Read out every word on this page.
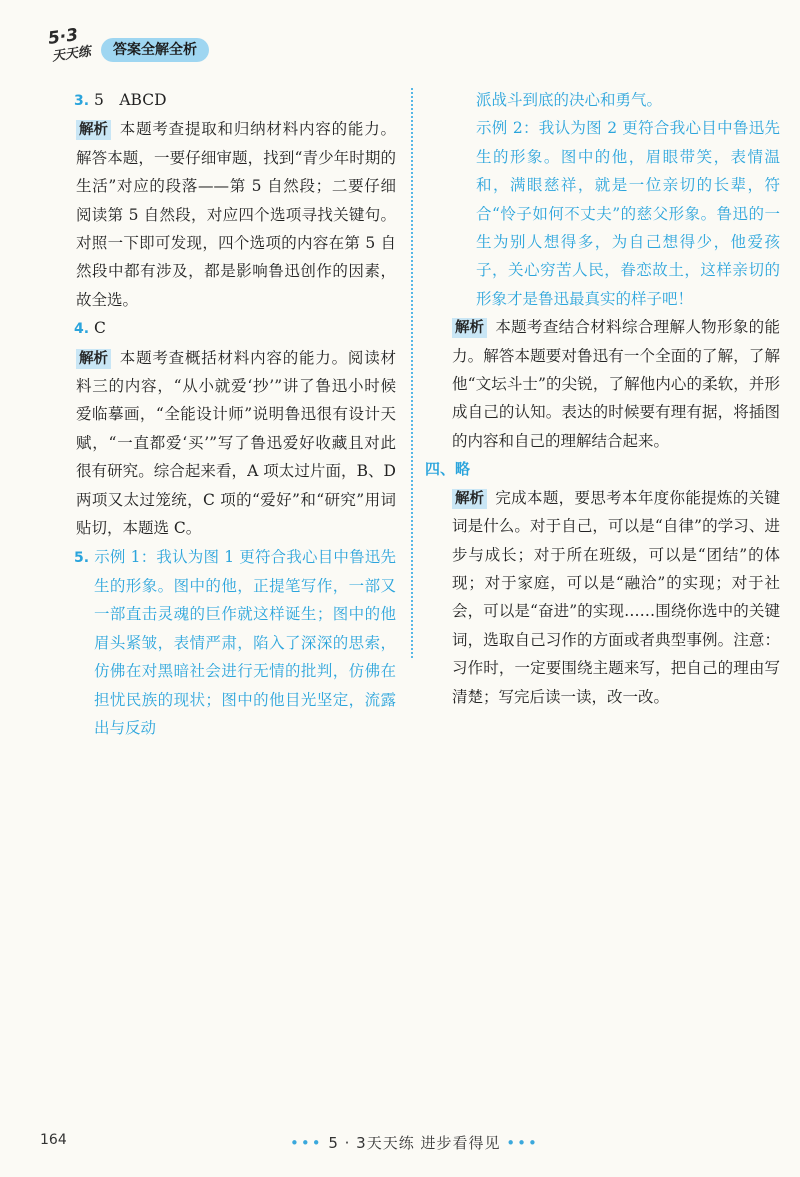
5·3
天天练	答案全解全析

3. 5　ABCD

解析 本题考查提取和归纳材料内容的能力。解答本题，一要仔细审题，找到“青少年时期的生活”对应的段落——第 5 自然段；二要仔细阅读第 5 自然段，对应四个选项寻找关键句。对照一下即可发现，四个选项的内容在第 5 自然段中都有涉及，都是影响鲁迅创作的因素，故全选。

4. C

解析 本题考查概括材料内容的能力。阅读材料三的内容，“从小就爱‘抄’”讲了鲁迅小时候爱临摹画，“全能设计师”说明鲁迅很有设计天赋，“一直都爱‘买’”写了鲁迅爱好收藏且对此很有研究。综合起来看，A 项太过片面，B、D 两项又太过笼统，C 项的“爱好”和“研究”用词贴切，本题选 C。

5. 示例 1：我认为图 1 更符合我心目中鲁迅先生的形象。图中的他，正提笔写作，一部又一部直击灵魂的巨作就这样诞生；图中的他眉头紧皱，表情严肃，陷入了深深的思索，仿佛在对黑暗社会进行无情的批判，仿佛在担忧民族的现状；图中的他目光坚定，流露出与反动

派战斗到底的决心和勇气。

示例 2：我认为图 2 更符合我心目中鲁迅先生的形象。图中的他，眉眼带笑，表情温和，满眼慈祥，就是一位亲切的长辈，符合“怜子如何不丈夫”的慈父形象。鲁迅的一生为别人想得多，为自己想得少，他爱孩子，关心穷苦人民，眷恋故土，这样亲切的形象才是鲁迅最真实的样子吧！

解析 本题考查结合材料综合理解人物形象的能力。解答本题要对鲁迅有一个全面的了解，了解他“文坛斗士”的尖锐，了解他内心的柔软，并形成自己的认知。表达的时候要有理有据，将插图的内容和自己的理解结合起来。

四、略

解析 完成本题，要思考本年度你能提炼的关键词是什么。对于自己，可以是“自律”的学习、进步与成长；对于所在班级，可以是“团结”的体现；对于家庭，可以是“融洽”的实现；对于社会，可以是“奋进”的实现……围绕你选中的关键词，选取自己习作的方面或者典型事例。注意：习作时，一定要围绕主题来写，把自己的理由写清楚；写完后读一读，改一改。

164	••• 5 · 3天天练 进步看得见 •••
